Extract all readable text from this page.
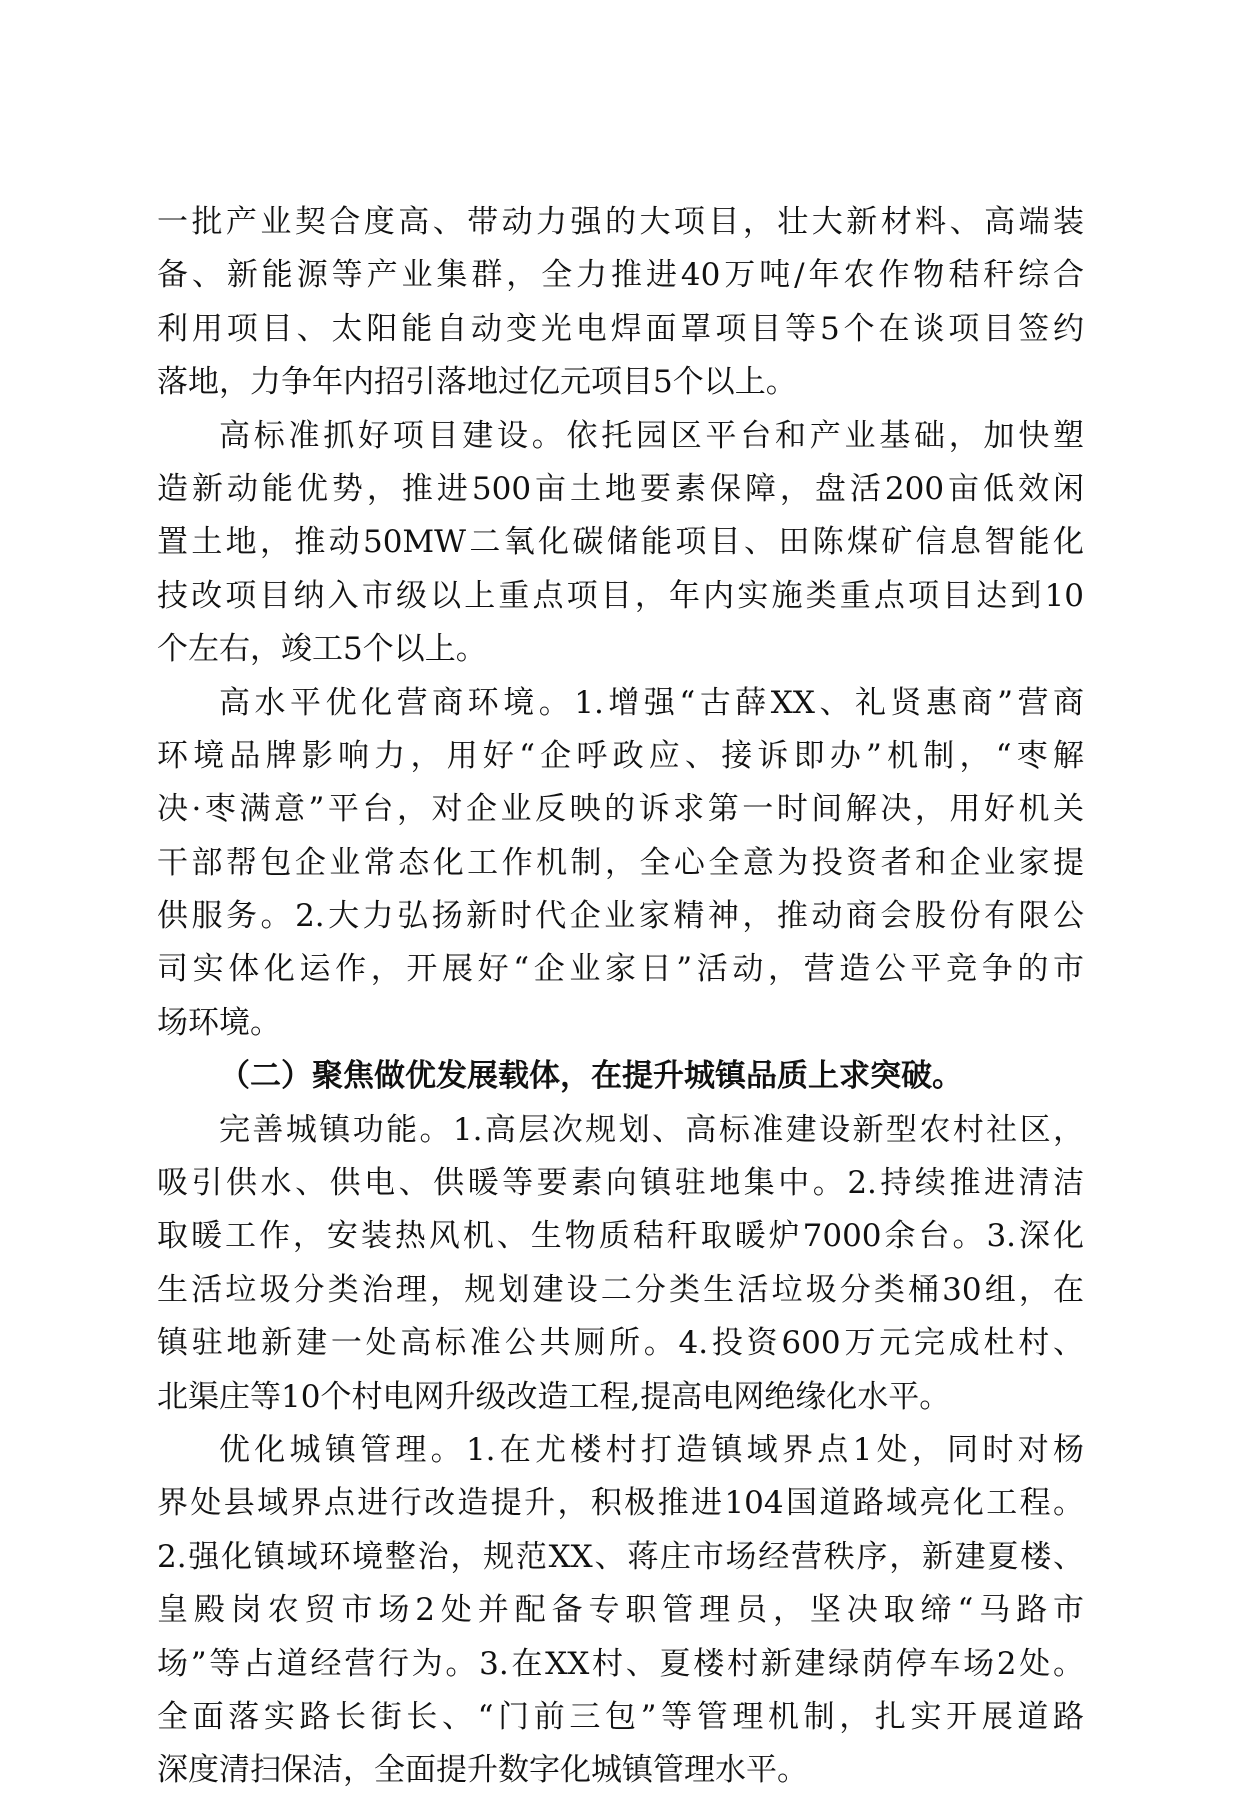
一批产业契合度高、带动力强的大项目，壮大新材料、高端装
备、新能源等产业集群，全力推进40万吨/年农作物秸秆综合
利用项目、太阳能自动变光电焊面罩项目等5个在谈项目签约
落地，力争年内招引落地过亿元项目5个以上。
高标准抓好项目建设。依托园区平台和产业基础，加快塑
造新动能优势，推进500亩土地要素保障，盘活200亩低效闲
置土地，推动50MW二氧化碳储能项目、田陈煤矿信息智能化
技改项目纳入市级以上重点项目，年内实施类重点项目达到10
个左右，竣工5个以上。
高水平优化营商环境。1.增强“古薛XX、礼贤惠商”营商
环境品牌影响力，用好“企呼政应、接诉即办”机制，“枣解
决·枣满意”平台，对企业反映的诉求第一时间解决，用好机关
干部帮包企业常态化工作机制，全心全意为投资者和企业家提
供服务。2.大力弘扬新时代企业家精神，推动商会股份有限公
司实体化运作，开展好“企业家日”活动，营造公平竞争的市
场环境。
（二）聚焦做优发展载体，在提升城镇品质上求突破。
完善城镇功能。1.高层次规划、高标准建设新型农村社区，
吸引供水、供电、供暖等要素向镇驻地集中。2.持续推进清洁
取暖工作，安装热风机、生物质秸秆取暖炉7000余台。3.深化
生活垃圾分类治理，规划建设二分类生活垃圾分类桶30组，在
镇驻地新建一处高标准公共厕所。4.投资600万元完成杜村、
北渠庄等10个村电网升级改造工程,提高电网绝缘化水平。
优化城镇管理。1.在尤楼村打造镇域界点1处，同时对杨
界处县域界点进行改造提升，积极推进104国道路域亮化工程。
2.强化镇域环境整治，规范XX、蒋庄市场经营秩序，新建夏楼、
皇殿岗农贸市场2处并配备专职管理员，坚决取缔“马路市
场”等占道经营行为。3.在XX村、夏楼村新建绿荫停车场2处。
全面落实路长街长、“门前三包”等管理机制，扎实开展道路
深度清扫保洁，全面提升数字化城镇管理水平。
